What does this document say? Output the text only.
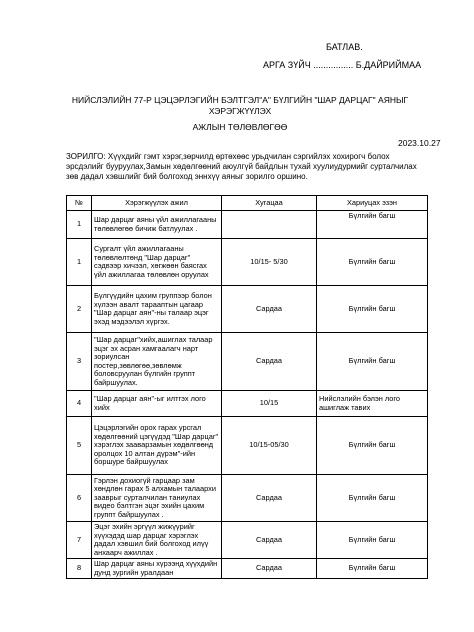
БАТЛАВ.
АРГА ЗҮЙЧ ................ Б.ДАЙРИЙМАА
НИЙСЛЭЛИЙН 77-Р ЦЭЦЭРЛЭГИЙН БЭЛТГЭЛ"А" БҮЛГИЙН "ШАР ДАРЦАГ" АЯНЫГ ХЭРЭГЖҮҮЛЭХ
АЖЛЫН ТӨЛӨВЛӨГӨӨ
2023.10.27
ЗОРИЛГО: Хүүхдийг гэмт хэрэг,зөрчилд өртөхөөс урьдчилан сэргийлэх хохирогч болох эрсдэлийг бууруулах,Замын хөдөлгөөний аюулгүй байдлын тухай хуулиудурмийг сурталчилах зөв дадал хэвшлийг бий болгоход эннхүү аяныг зорилго оршино.
№	Хэрэгжүүлэх ажил	Хугацаа	Хариуцах эзэн
1	Шар дарцаг аяны үйл ажиллагааны төлөвлөгөө бичиж батлуулах .		Бүлгийн багш
1	Сургалт үйл ажиллагааны төлөвлөлтөнд "Шар дарцаг" сэдвээр хичээл, хөгжөөн баясгах үйл ажиллагаа төлөвлөн оруулах	10/15- 5/30	Бүлгийн багш
2	Бүлгүүдийн цахим группээр болон хүлээн авалт тарааптын цагаар "Шар дарцаг аян"-ны талаар эцэг эхэд мэдээлэл хүргэх.	Сардаа	Бүлгийн багш
3	"Шар дарцаг"хийх,ашиглах талаар эцэг эх асран хамгаалагч нарт зориулсан постер,зөвлөгөө,зөвлөмж боловсруулан бүлгийн группт байршуулах.	Сардаа	Бүлгийн багш
4	"Шар дарцаг аян"-ыг илтгэх лого хийх	10/15	Нийслэлийн бэлэн лого ашиглаж тавих
5	Цэцэрлэгийн орох гарах урсгал хөдөлгөөний цэгүүдэд "Шар дарцаг" хэрэглэх зааварзамын хөдөлгөөнд оролцох 10 алтан дүрэм"-ийн боршуре байршуулах	10/15-05/30	Бүлгийн багш
6	Гэрлэн дохиогүй гарцаар зам хөндлөн гарах 5 алхамын талаархи зааврыг сурталчилан таниулах видео бэлтгэн эцэг эхийн цахим группт байршуулах .	Сардаа	Бүлгийн багш
7	Эцэг эхийн эргүүл жижүүрийг хүүхэдэд шар дарцаг хэрэглэх дадал хэвшил бий болгоход илүү анхаарч ажиллах .	Сардаа	Бүлгийн багш
8	Шар дарцаг аяны хүрээнд хүүхдийн дунд зургийн уралдаан	Сардаа	Бүлгийн багш
